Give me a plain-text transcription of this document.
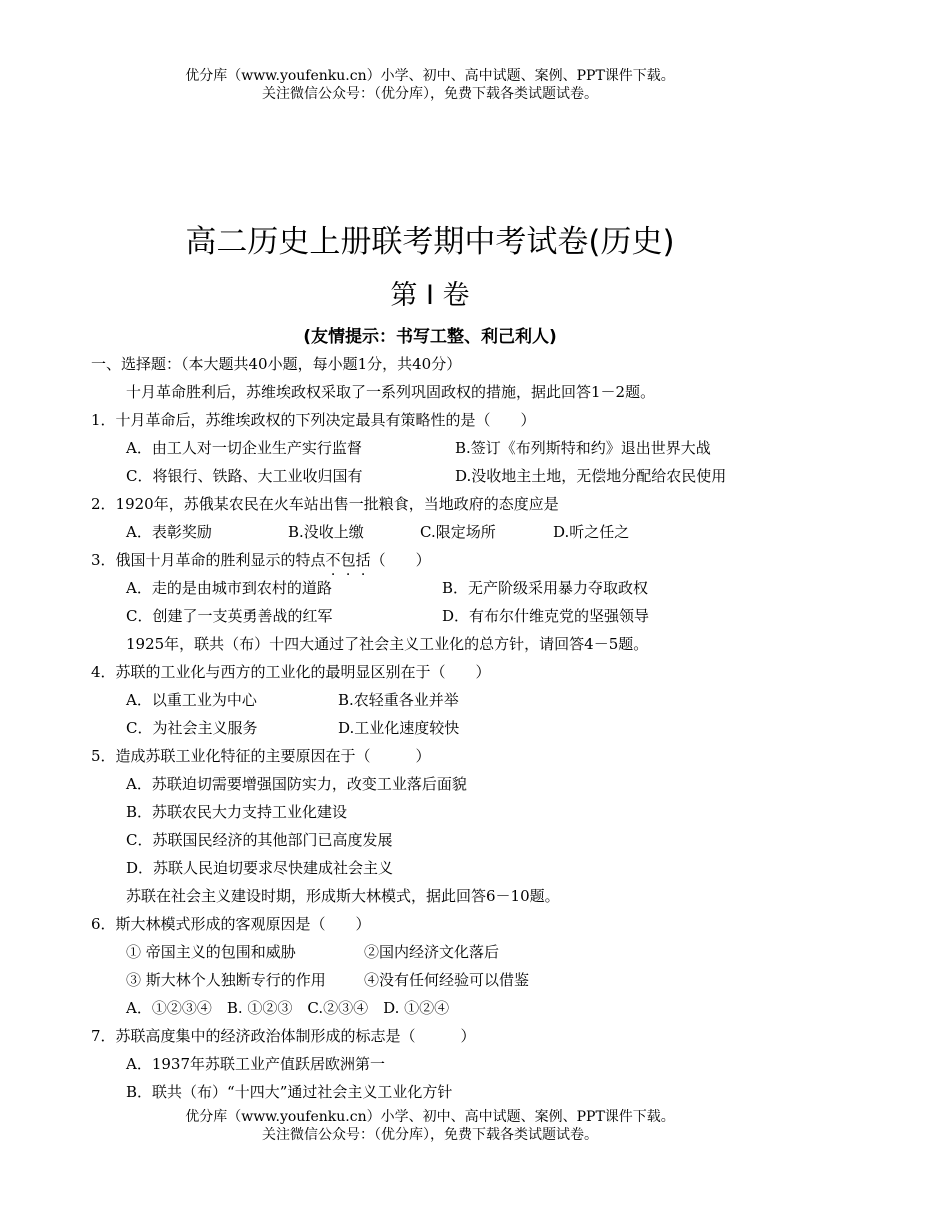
优分库（www.youfenku.cn）小学、初中、高中试题、案例、PPT课件下载。
关注微信公众号：（优分库），免费下载各类试题试卷。
高二历史上册联考期中考试卷(历史)
第 I 卷
(友情提示：书写工整、利己利人)
一、选择题：（本大题共40小题，每小题1分，共40分）
十月革命胜利后，苏维埃政权采取了一系列巩固政权的措施，据此回答1－2题。
1．十月革命后，苏维埃政权的下列决定最具有策略性的是（　　）
A．由工人对一切企业生产实行监督	B.签订《布列斯特和约》退出世界大战
C．将银行、铁路、大工业收归国有	D.没收地主土地，无偿地分配给农民使用
2．1920年，苏俄某农民在火车站出售一批粮食，当地政府的态度应是
A．表彰奖励	B.没收上缴	C.限定场所	D.听之任之
3．俄国十月革命的胜利显示的特点不包括（　　）
A．走的是由城市到农村的道路	B．无产阶级采用暴力夺取政权
C．创建了一支英勇善战的红军	D．有布尔什维克党的坚强领导
1925年，联共（布）十四大通过了社会主义工业化的总方针，请回答4－5题。
4．苏联的工业化与西方的工业化的最明显区别在于（　　）
A．以重工业为中心	B.农轻重各业并举
C．为社会主义服务	D.工业化速度较快
5．造成苏联工业化特征的主要原因在于（　　　）
A．苏联迫切需要增强国防实力，改变工业落后面貌
B．苏联农民大力支持工业化建设
C．苏联国民经济的其他部门已高度发展
D．苏联人民迫切要求尽快建成社会主义
苏联在社会主义建设时期，形成斯大林模式，据此回答6－10题。
6．斯大林模式形成的客观原因是（　　）
① 帝国主义的包围和威胁	②国内经济文化落后
③ 斯大林个人独断专行的作用	④没有任何经验可以借鉴
A．①②③④　B. ①②③　C.②③④　D. ①②④
7．苏联高度集中的经济政治体制形成的标志是（　　　）
A．1937年苏联工业产值跃居欧洲第一
B．联共（布）“十四大”通过社会主义工业化方针
优分库（www.youfenku.cn）小学、初中、高中试题、案例、PPT课件下载。
关注微信公众号：（优分库），免费下载各类试题试卷。
